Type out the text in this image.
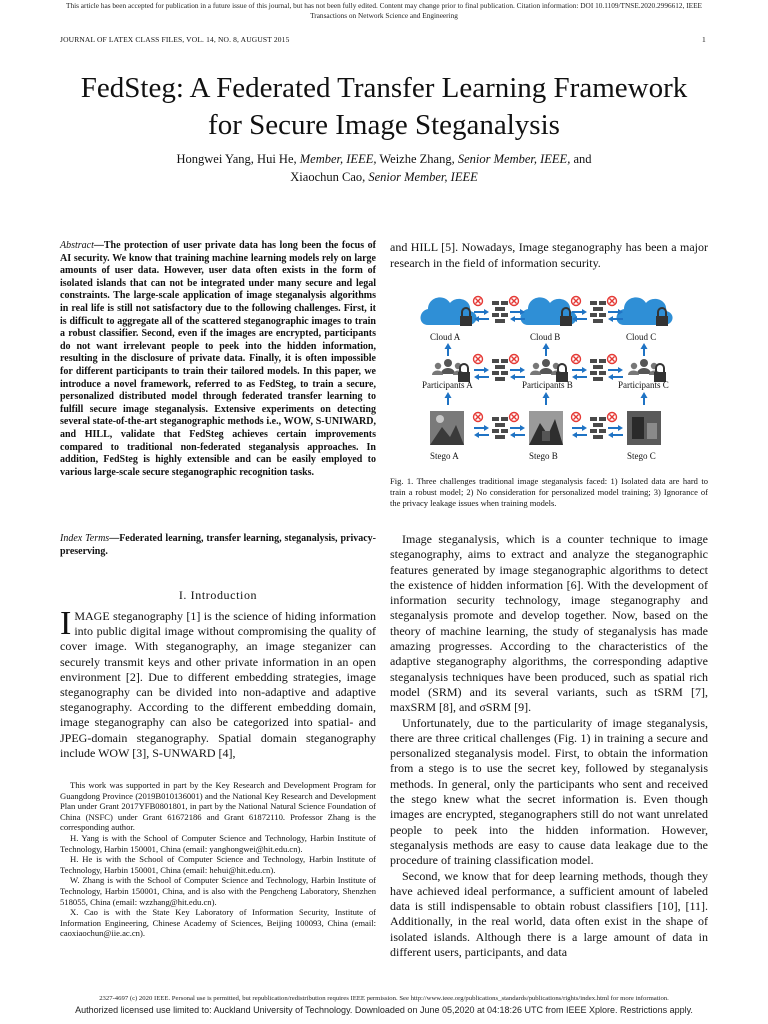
This article has been accepted for publication in a future issue of this journal, but has not been fully edited. Content may change prior to final publication. Citation information: DOI 10.1109/TNSE.2020.2996612, IEEE
Transactions on Network Science and Engineering
JOURNAL OF LATEX CLASS FILES, VOL. 14, NO. 8, AUGUST 2015	1
FedSteg: A Federated Transfer Learning Framework
for Secure Image Steganalysis
Hongwei Yang, Hui He, Member, IEEE, Weizhe Zhang, Senior Member, IEEE, and
Xiaochun Cao, Senior Member, IEEE
Abstract—The protection of user private data has long been the focus of AI security. We know that training machine learning models rely on large amounts of user data. However, user data often exists in the form of isolated islands that can not be integrated under many secure and legal constraints. The large-scale application of image steganalysis algorithms in real life is still not satisfactory due to the following challenges. First, it is difficult to aggregate all of the scattered steganographic images to train a robust classifier. Second, even if the images are encrypted, participants do not want irrelevant people to peek into the hidden information, resulting in the disclosure of private data. Finally, it is often impossible for different participants to train their tailored models. In this paper, we introduce a novel framework, referred to as FedSteg, to train a secure, personalized distributed model through federated transfer learning to fulfill secure image steganalysis. Extensive experiments on detecting several state-of-the-art steganographic methods i.e., WOW, S-UNIWARD, and HILL, validate that FedSteg achieves certain improvements compared to traditional non-federated steganalysis approaches. In addition, FedSteg is highly extensible and can be easily employed to various large-scale secure steganographic recognition tasks.
Index Terms—Federated learning, transfer learning, steganalysis, privacy-preserving.
I. Introduction
IMAGE steganography [1] is the science of hiding information into public digital image without compromising the quality of cover image. With steganography, an image steganizer can securely transmit keys and other private information in an open environment [2]. Due to different embedding strategies, image steganography can be divided into non-adaptive and adaptive steganography. According to the different embedding domain, image steganography can also be categorized into spatial- and JPEG-domain steganography. Spatial domain steganography include WOW [3], S-UNWARD [4],

This work was supported in part by the Key Research and Development Program for Guangdong Province (2019B010136001) and the National Key Research and Development Plan under Grant 2017YFB0801801, in part by the National Natural Science Foundation of China (NSFC) under Grant 61672186 and Grant 61872110. Professor Zhang is the corresponding author.

H. Yang is with the School of Computer Science and Technology, Harbin Institute of Technology, Harbin 150001, China (email: yanghongwei@hit.edu.cn).

H. He is with the School of Computer Science and Technology, Harbin Institute of Technology, Harbin 150001, China (email: hehui@hit.edu.cn).

W. Zhang is with the School of Computer Science and Technology, Harbin Institute of Technology, Harbin 150001, China, and is also with the Pengcheng Laboratory, Shenzhen 518055, China (email: wzzhang@hit.edu.cn).

X. Cao is with the State Key Laboratory of Information Security, Institute of Information Engineering, Chinese Academy of Sciences, Beijing 100093, China (email: caoxiaochun@iie.ac.cn).

and HILL [5]. Nowadays, Image steganography has been a major research in the field of information security.
Cloud A	Cloud B	Cloud C
Participants A	Participants B	Participants C
Stego A	Stego B	Stego C
Fig. 1. Three challenges traditional image steganalysis faced: 1) Isolated data are hard to train a robust model; 2) No consideration for personalized model training; 3) Ignorance of the privacy leakage issues when training models.

Image steganalysis, which is a counter technique to image steganography, aims to extract and analyze the steganographic features generated by image steganographic algorithms to detect the existence of hidden information [6]. With the development of information security technology, image steganography and steganalysis promote and develop together. Now, based on the theory of machine learning, the study of steganalysis has made amazing progresses. According to the characteristics of the adaptive steganography algorithms, the corresponding adaptive steganalysis techniques have been produced, such as spatial rich model (SRM) and its several variants, such as tSRM [7], maxSRM [8], and σSRM [9].

Unfortunately, due to the particularity of image steganalysis, there are three critical challenges (Fig. 1) in training a secure and personalized steganalysis model. First, to obtain the information from a stego is to use the secret key, followed by steganalysis methods. In general, only the participants who sent and received the stego knew what the secret information is. Even though images are encrypted, steganographers still do not want unrelated people to peek into the hidden information. However, steganalysis methods are easy to cause data leakage due to the procedure of training classification model.

Second, we know that for deep learning methods, though they have achieved ideal performance, a sufficient amount of labeled data is still indispensable to obtain robust classifiers [10], [11]. Additionally, in the real world, data often exist in the shape of isolated islands. Although there is a large amount of data in different users, participants, and data

2327-4697 (c) 2020 IEEE. Personal use is permitted, but republication/redistribution requires IEEE permission. See http://www.ieee.org/publications_standards/publications/rights/index.html for more information.
Authorized licensed use limited to: Auckland University of Technology. Downloaded on June 05,2020 at 04:18:26 UTC from IEEE Xplore. Restrictions apply.
